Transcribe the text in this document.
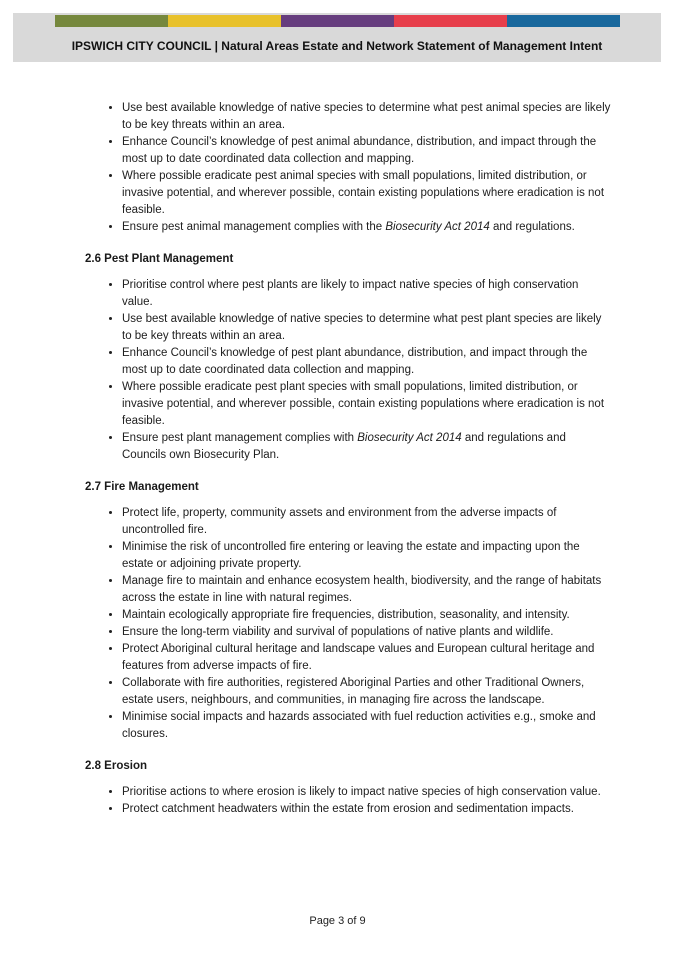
IPSWICH CITY COUNCIL | Natural Areas Estate and Network Statement of Management Intent
• Use best available knowledge of native species to determine what pest animal species are likely to be key threats within an area.
• Enhance Council’s knowledge of pest animal abundance, distribution, and impact through the most up to date coordinated data collection and mapping.
• Where possible eradicate pest animal species with small populations, limited distribution, or invasive potential, and wherever possible, contain existing populations where eradication is not feasible.
• Ensure pest animal management complies with the Biosecurity Act 2014 and regulations.
2.6 Pest Plant Management
• Prioritise control where pest plants are likely to impact native species of high conservation value.
• Use best available knowledge of native species to determine what pest plant species are likely to be key threats within an area.
• Enhance Council’s knowledge of pest plant abundance, distribution, and impact through the most up to date coordinated data collection and mapping.
• Where possible eradicate pest plant species with small populations, limited distribution, or invasive potential, and wherever possible, contain existing populations where eradication is not feasible.
• Ensure pest plant management complies with Biosecurity Act 2014 and regulations and Councils own Biosecurity Plan.
2.7 Fire Management
• Protect life, property, community assets and environment from the adverse impacts of uncontrolled fire.
• Minimise the risk of uncontrolled fire entering or leaving the estate and impacting upon the estate or adjoining private property.
• Manage fire to maintain and enhance ecosystem health, biodiversity, and the range of habitats across the estate in line with natural regimes.
• Maintain ecologically appropriate fire frequencies, distribution, seasonality, and intensity.
• Ensure the long-term viability and survival of populations of native plants and wildlife.
• Protect Aboriginal cultural heritage and landscape values and European cultural heritage and features from adverse impacts of fire.
• Collaborate with fire authorities, registered Aboriginal Parties and other Traditional Owners, estate users, neighbours, and communities, in managing fire across the landscape.
• Minimise social impacts and hazards associated with fuel reduction activities e.g., smoke and closures.
2.8 Erosion
• Prioritise actions to where erosion is likely to impact native species of high conservation value.
• Protect catchment headwaters within the estate from erosion and sedimentation impacts.
Page 3 of 9
